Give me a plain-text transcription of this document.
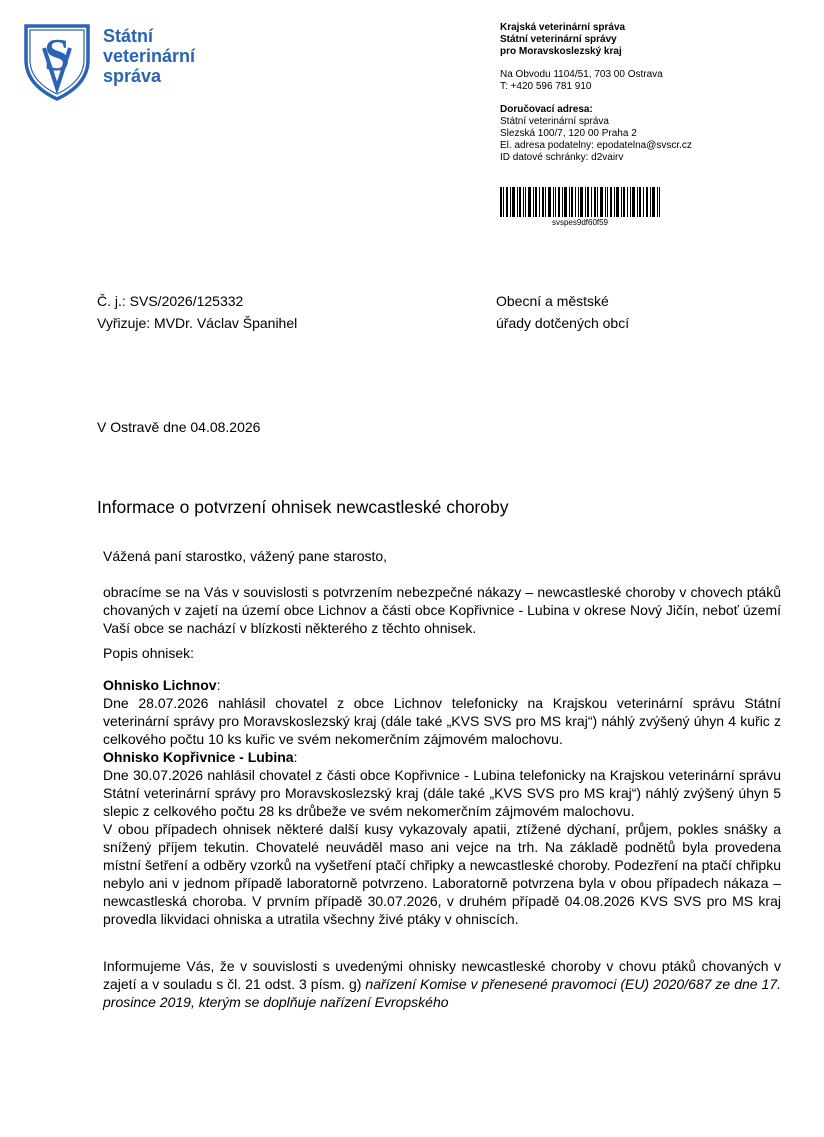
S Státní
veterinární
správa
Krajská veterinární správa
Státní veterinární správy
pro Moravskoslezský kraj
Na Obvodu 1104/51, 703 00 Ostrava
T: +420 596 781 910
Doručovací adresa:
Státní veterinární správa
Slezská 100/7, 120 00 Praha 2
El. adresa podatelny: epodatelna@svscr.cz
ID datové schránky: d2vairv
svspes9df60f59
Č. j.: SVS/2026/125332
Vyřizuje: MVDr. Václav Španihel
Obecní a městské
úřady dotčených obcí
V Ostravě dne 04.08.2026
Informace o potvrzení ohnisek newcastleské choroby

Vážená paní starostko, vážený pane starosto,

obracíme se na Vás v souvislosti s potvrzením nebezpečné nákazy – newcastleské choroby v chovech ptáků chovaných v zajetí na území obce Lichnov a části obce Kopřivnice - Lubina v okrese Nový Jičín, neboť území Vaší obce se nachází v blízkosti některého z těchto ohnisek.

Popis ohnisek:

Ohnisko Lichnov:

Dne 28.07.2026 nahlásil chovatel z obce Lichnov telefonicky na Krajskou veterinární správu Státní veterinární správy pro Moravskoslezský kraj (dále také „KVS SVS pro MS kraj“) náhlý zvýšený úhyn 4 kuřic z celkového počtu 10 ks kuřic ve svém nekomerčním zájmovém malochovu.

Ohnisko Kopřivnice - Lubina:

Dne 30.07.2026 nahlásil chovatel z části obce Kopřivnice - Lubina telefonicky na Krajskou veterinární správu Státní veterinární správy pro Moravskoslezský kraj (dále také „KVS SVS pro MS kraj“) náhlý zvýšený úhyn 5 slepic z celkového počtu 28 ks drůbeže ve svém nekomerčním zájmovém malochovu.

V obou případech ohnisek některé další kusy vykazovaly apatii, ztížené dýchaní, průjem, pokles snášky a snížený příjem tekutin. Chovatelé neuváděl maso ani vejce na trh. Na základě podnětů byla provedena místní šetření a odběry vzorků na vyšetření ptačí chřipky a newcastleské choroby. Podezření na ptačí chřipku nebylo ani v jednom případě laboratorně potvrzeno. Laboratorně potvrzena byla v obou případech nákaza – newcastleská choroba. V prvním případě 30.07.2026, v druhém případě 04.08.2026 KVS SVS pro MS kraj provedla likvidaci ohniska a utratila všechny živé ptáky v ohniscích.

Informujeme Vás, že v souvislosti s uvedenými ohnisky newcastleské choroby v chovu ptáků chovaných v zajetí a v souladu s čl. 21 odst. 3 písm. g) nařízení Komise v přenesené pravomoci (EU) 2020/687 ze dne 17. prosince 2019, kterým se doplňuje nařízení Evropského
